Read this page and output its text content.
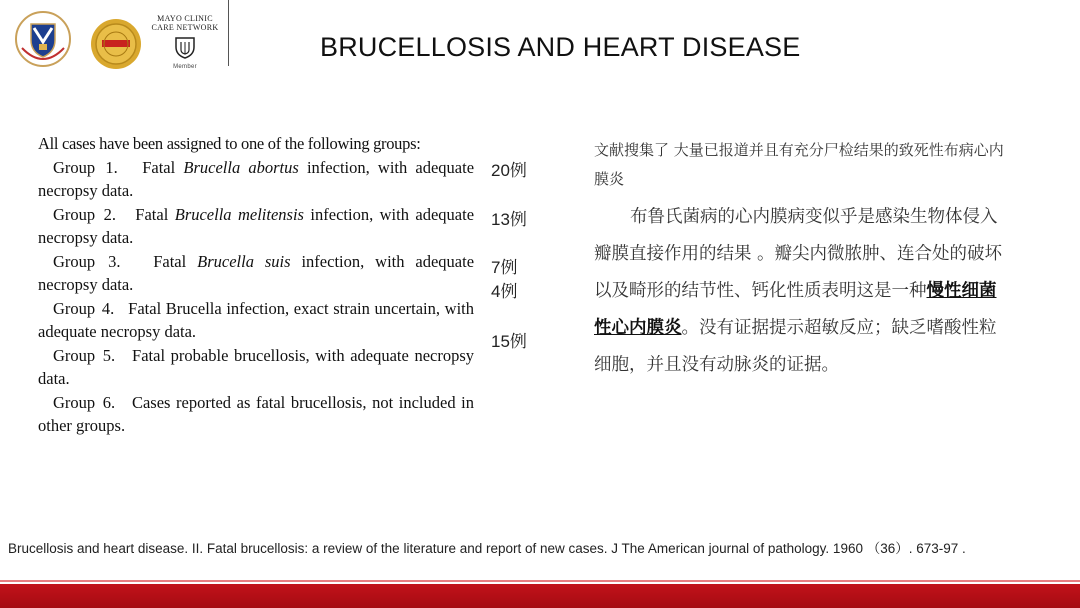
MAYO CLINIC
CARE NETWORK
Member
BRUCELLOSIS AND HEART DISEASE
All cases have been assigned to one of the following groups:
Group 1. Fatal Brucella abortus infection, with adequate necropsy data.
Group 2. Fatal Brucella melitensis infection, with adequate necropsy data.
Group 3. Fatal Brucella suis infection, with adequate necropsy data.
Group 4. Fatal Brucella infection, exact strain uncertain, with adequate necropsy data.
Group 5. Fatal probable brucellosis, with adequate necropsy data.
Group 6. Cases reported as fatal brucellosis, not included in other groups.
20例
13例
7例
4例
15例
文献搜集了 大量已报道并且有充分尸检结果的致死性布病心内膜炎
布鲁氏菌病的心内膜病变似乎是感染生物体侵入瓣膜直接作用的结果 。瓣尖内微脓肿、连合处的破坏以及畸形的结节性、钙化性质表明这是一种慢性细菌性心内膜炎。没有证据提示超敏反应；缺乏嗜酸性粒细胞，并且没有动脉炎的证据。
Brucellosis and heart disease. II. Fatal brucellosis: a review of the literature and report of new cases. J The American journal of pathology. 1960 （36）. 673-97 .
